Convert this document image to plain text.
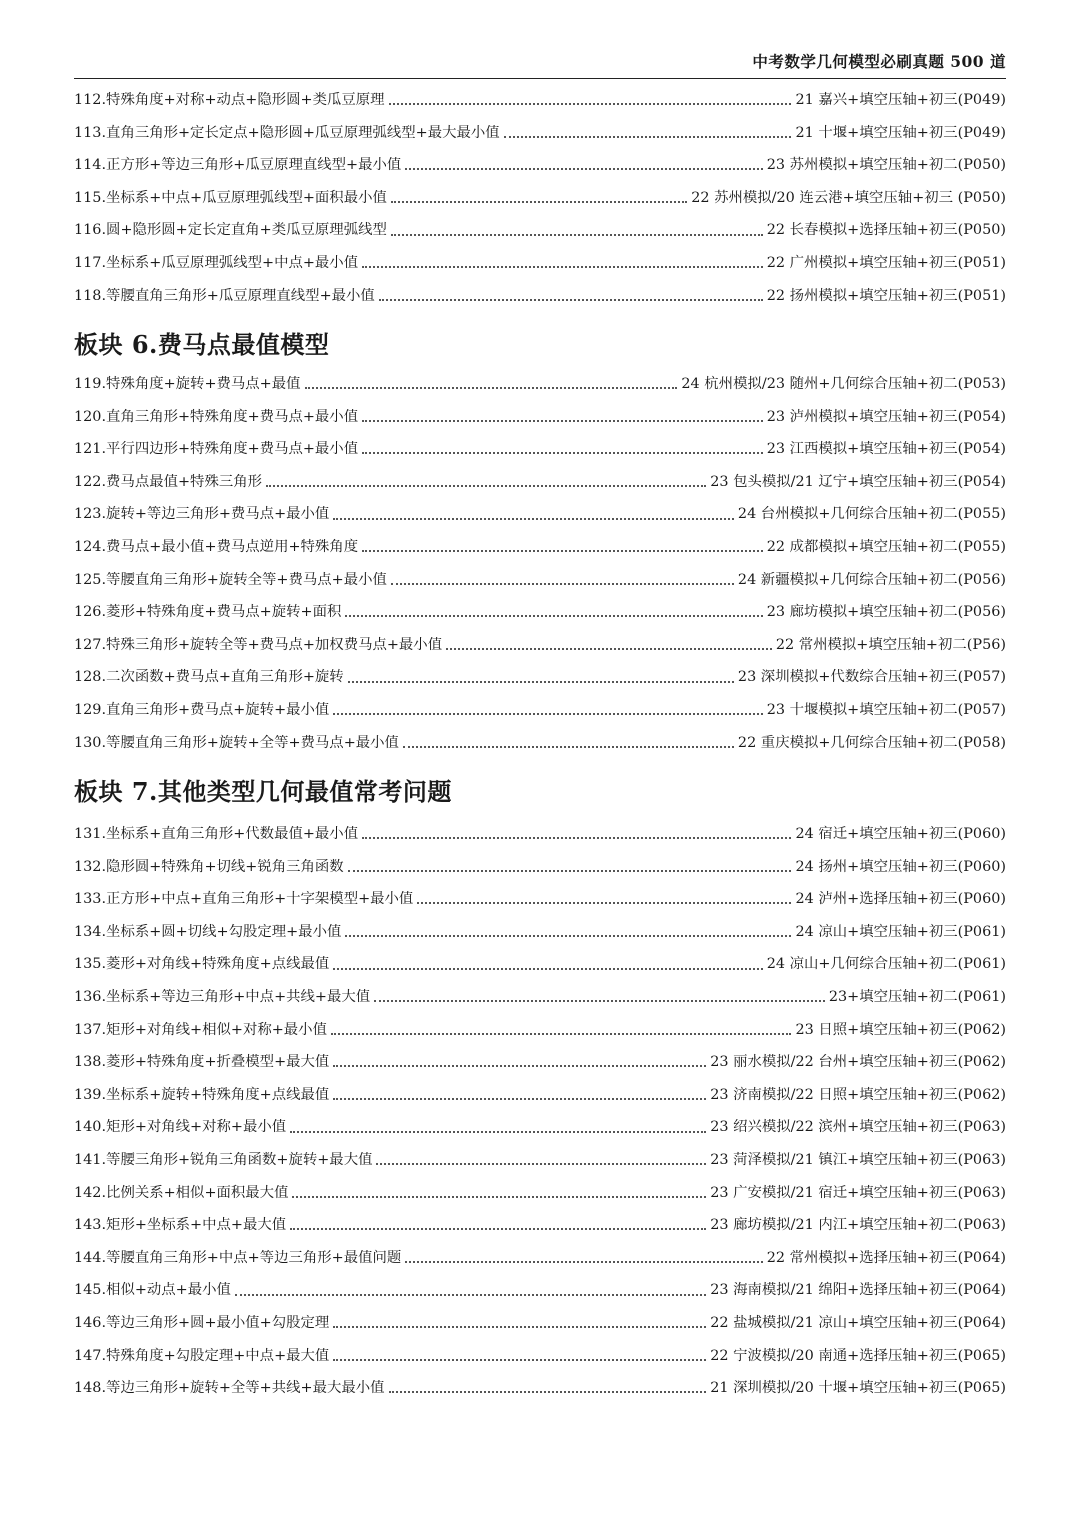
中考数学几何模型必刷真题 500 道
112. 特殊角度+对称+动点+隐形圆+类瓜豆原理	21 嘉兴+填空压轴+初三(P049)
113. 直角三角形+定长定点+隐形圆+瓜豆原理弧线型+最大最小值	21 十堰+填空压轴+初三(P049)
114. 正方形+等边三角形+瓜豆原理直线型+最小值	23 苏州模拟+填空压轴+初二(P050)
115. 坐标系+中点+瓜豆原理弧线型+面积最小值	22 苏州模拟/20 连云港+填空压轴+初三 (P050)
116. 圆+隐形圆+定长定直角+类瓜豆原理弧线型	22 长春模拟+选择压轴+初三(P050)
117. 坐标系+瓜豆原理弧线型+中点+最小值	22 广州模拟+填空压轴+初三(P051)
118. 等腰直角三角形+瓜豆原理直线型+最小值	22 扬州模拟+填空压轴+初三(P051)
板块 6.费马点最值模型
119. 特殊角度+旋转+费马点+最值	24 杭州模拟/23 随州+几何综合压轴+初二(P053)
120. 直角三角形+特殊角度+费马点+最小值	23 泸州模拟+填空压轴+初三(P054)
121. 平行四边形+特殊角度+费马点+最小值	23 江西模拟+填空压轴+初三(P054)
122. 费马点最值+特殊三角形	23 包头模拟/21 辽宁+填空压轴+初三(P054)
123. 旋转+等边三角形+费马点+最小值	24 台州模拟+几何综合压轴+初二(P055)
124. 费马点+最小值+费马点逆用+特殊角度	22 成都模拟+填空压轴+初二(P055)
125. 等腰直角三角形+旋转全等+费马点+最小值	24 新疆模拟+几何综合压轴+初二(P056)
126. 菱形+特殊角度+费马点+旋转+面积	23 廊坊模拟+填空压轴+初二(P056)
127. 特殊三角形+旋转全等+费马点+加权费马点+最小值	22 常州模拟+填空压轴+初二(P56)
128. 二次函数+费马点+直角三角形+旋转	23 深圳模拟+代数综合压轴+初三(P057)
129. 直角三角形+费马点+旋转+最小值	23 十堰模拟+填空压轴+初二(P057)
130. 等腰直角三角形+旋转+全等+费马点+最小值	22 重庆模拟+几何综合压轴+初二(P058)
板块 7.其他类型几何最值常考问题
131. 坐标系+直角三角形+代数最值+最小值	24 宿迁+填空压轴+初三(P060)
132. 隐形圆+特殊角+切线+锐角三角函数	24 扬州+填空压轴+初三(P060)
133. 正方形+中点+直角三角形+十字架模型+最小值	24 泸州+选择压轴+初三(P060)
134. 坐标系+圆+切线+勾股定理+最小值	24 凉山+填空压轴+初三(P061)
135. 菱形+对角线+特殊角度+点线最值	24 凉山+几何综合压轴+初二(P061)
136. 坐标系+等边三角形+中点+共线+最大值	23+填空压轴+初二(P061)
137. 矩形+对角线+相似+对称+最小值	23 日照+填空压轴+初三(P062)
138. 菱形+特殊角度+折叠模型+最大值	23 丽水模拟/22 台州+填空压轴+初三(P062)
139. 坐标系+旋转+特殊角度+点线最值	23 济南模拟/22 日照+填空压轴+初三(P062)
140. 矩形+对角线+对称+最小值	23 绍兴模拟/22 滨州+填空压轴+初三(P063)
141. 等腰三角形+锐角三角函数+旋转+最大值	23 菏泽模拟/21 镇江+填空压轴+初三(P063)
142. 比例关系+相似+面积最大值	23 广安模拟/21 宿迁+填空压轴+初三(P063)
143. 矩形+坐标系+中点+最大值	23 廊坊模拟/21 内江+填空压轴+初二(P063)
144. 等腰直角三角形+中点+等边三角形+最值问题	22 常州模拟+选择压轴+初三(P064)
145. 相似+动点+最小值	23 海南模拟/21 绵阳+选择压轴+初三(P064)
146. 等边三角形+圆+最小值+勾股定理	22 盐城模拟/21 凉山+填空压轴+初三(P064)
147. 特殊角度+勾股定理+中点+最大值	22 宁波模拟/20 南通+选择压轴+初三(P065)
148. 等边三角形+旋转+全等+共线+最大最小值	21 深圳模拟/20 十堰+填空压轴+初三(P065)
